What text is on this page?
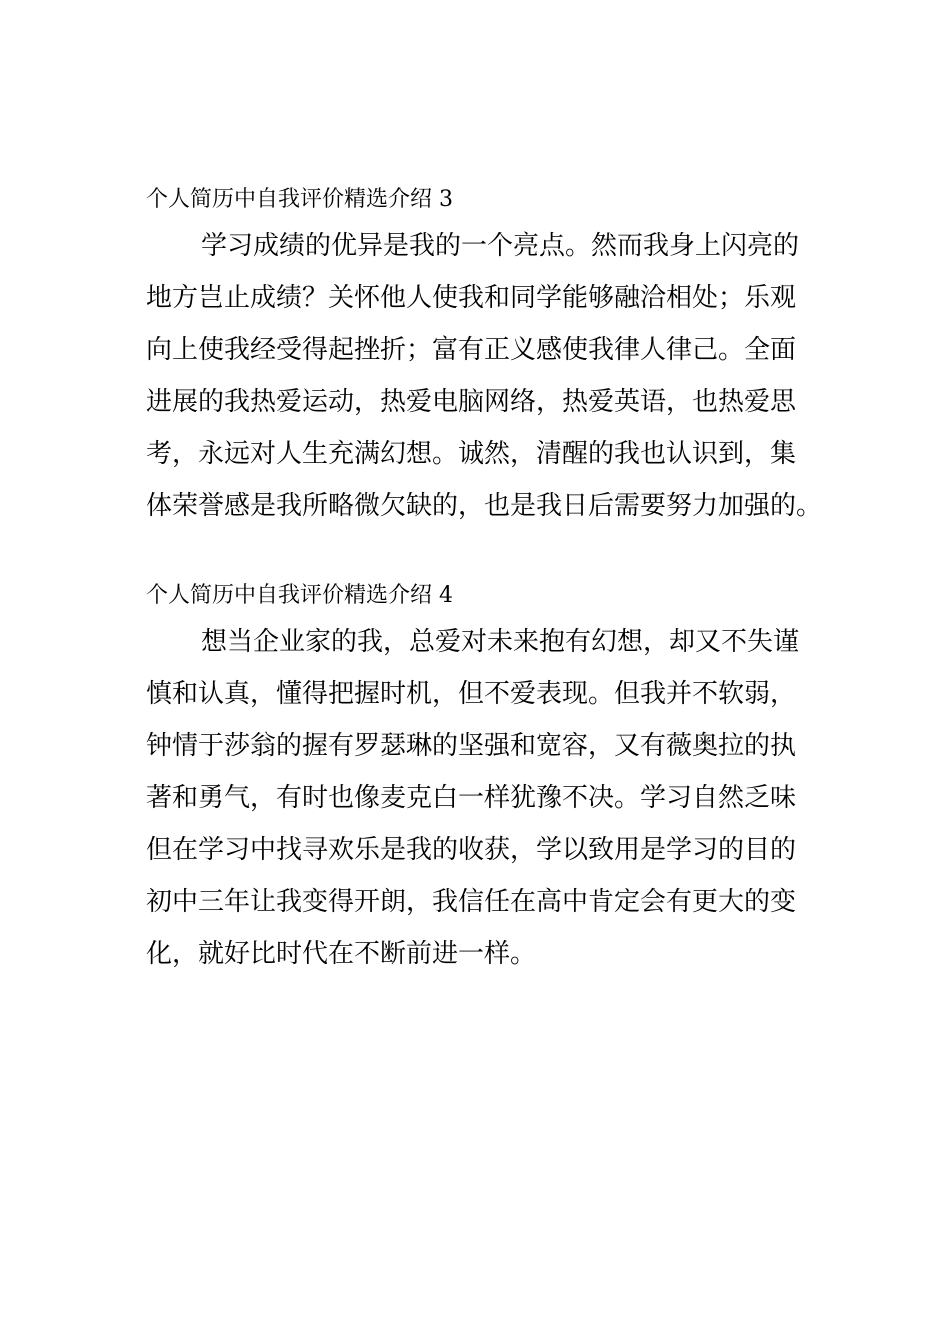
个人简历中自我评价精选介绍 3

学习成绩的优异是我的一个亮点。然而我身上闪亮的
地方岂止成绩？关怀他人使我和同学能够融洽相处；乐观
向上使我经受得起挫折；富有正义感使我律人律己。全面
进展的我热爱运动，热爱电脑网络，热爱英语，也热爱思
考，永远对人生充满幻想。诚然，清醒的我也认识到，集
体荣誉感是我所略微欠缺的，也是我日后需要努力加强的。

个人简历中自我评价精选介绍 4

想当企业家的我，总爱对未来抱有幻想，却又不失谨
慎和认真，懂得把握时机，但不爱表现。但我并不软弱，
钟情于莎翁的握有罗瑟琳的坚强和宽容，又有薇奥拉的执
著和勇气，有时也像麦克白一样犹豫不决。学习自然乏味
但在学习中找寻欢乐是我的收获，学以致用是学习的目的
初中三年让我变得开朗，我信任在高中肯定会有更大的变
化，就好比时代在不断前进一样。
